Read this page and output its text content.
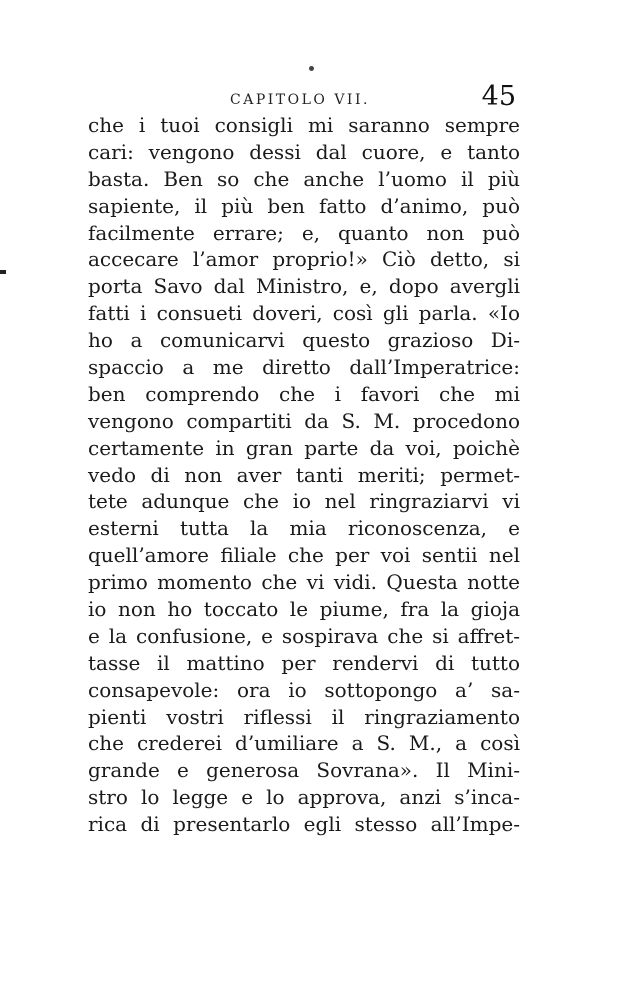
CAPITOLO VII.	45
che i tuoi consigli mi saranno sempre
cari: vengono dessi dal cuore, e tanto
basta. Ben so che anche l’uomo il più
sapiente, il più ben fatto d’animo, può
facilmente errare; e, quanto non può
accecare l’amor proprio!» Ciò detto, si
porta Savo dal Ministro, e, dopo avergli
fatti i consueti doveri, così gli parla. «Io
ho a comunicarvi questo grazioso Di-
spaccio a me diretto dall’Imperatrice:
ben comprendo che i favori che mi
vengono compartiti da S. M. procedono
certamente in gran parte da voi, poichè
vedo di non aver tanti meriti; permet-
tete adunque che io nel ringraziarvi vi
esterni tutta la mia riconoscenza, e
quell’amore filiale che per voi sentii nel
primo momento che vi vidi. Questa notte
io non ho toccato le piume, fra la gioja
e la confusione, e sospirava che si affret-
tasse il mattino per rendervi di tutto
consapevole: ora io sottopongo a’ sa-
pienti vostri riflessi il ringraziamento
che crederei d’umiliare a S. M., a così
grande e generosa Sovrana». Il Mini-
stro lo legge e lo approva, anzi s’inca-
rica di presentarlo egli stesso all’Impe-
